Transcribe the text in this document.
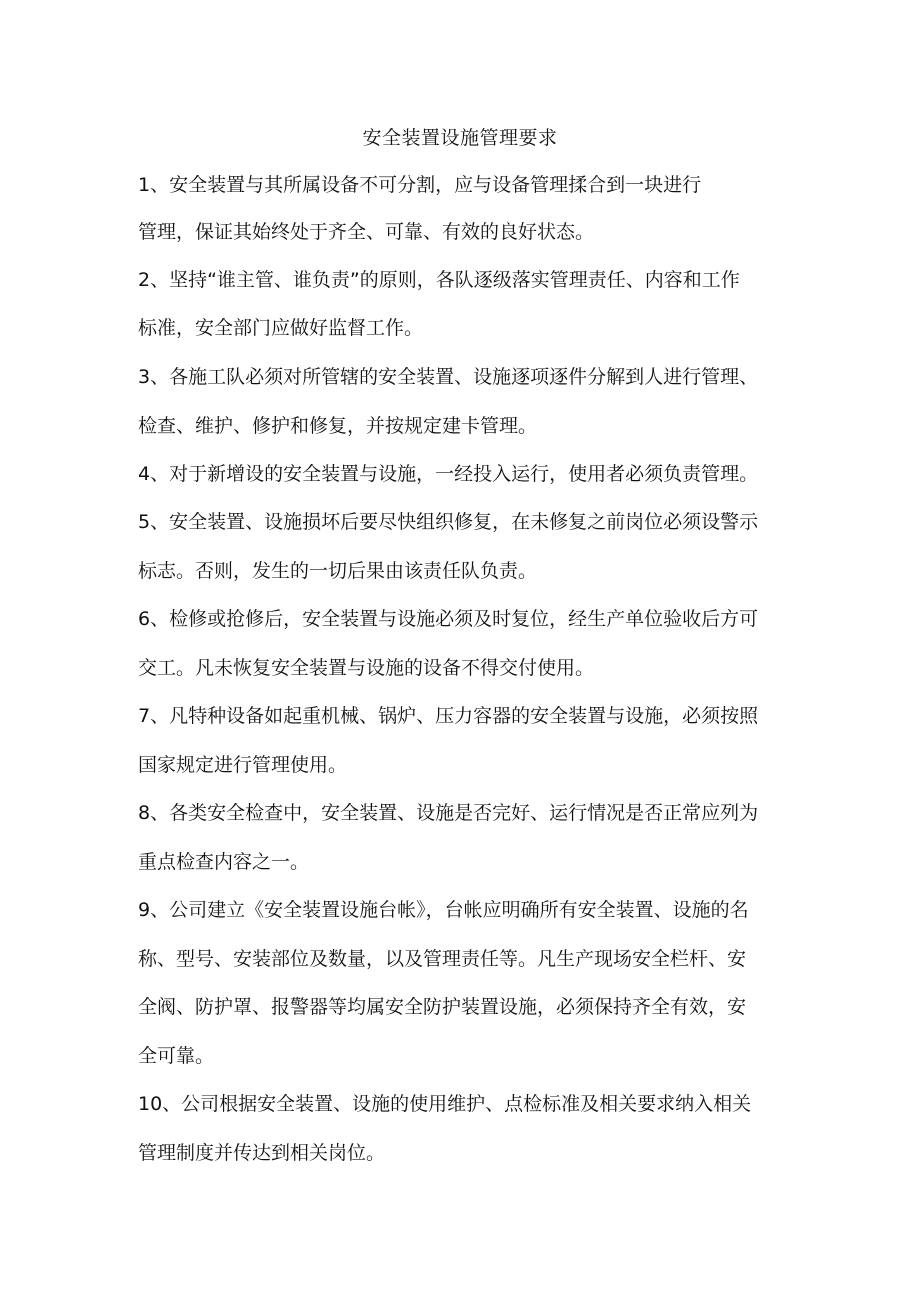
安全装置设施管理要求
1、安全装置与其所属设备不可分割，应与设备管理揉合到一块进行
管理，保证其始终处于齐全、可靠、有效的良好状态。
2、坚持“谁主管、谁负责”的原则，各队逐级落实管理责任、内容和工作
标准，安全部门应做好监督工作。
3、各施工队必须对所管辖的安全装置、设施逐项逐件分解到人进行管理、
检查、维护、修护和修复，并按规定建卡管理。
4、对于新增设的安全装置与设施，一经投入运行，使用者必须负责管理。
5、安全装置、设施损坏后要尽快组织修复，在未修复之前岗位必须设警示
标志。否则，发生的一切后果由该责任队负责。
6、检修或抢修后，安全装置与设施必须及时复位，经生产单位验收后方可
交工。凡未恢复安全装置与设施的设备不得交付使用。
7、凡特种设备如起重机械、锅炉、压力容器的安全装置与设施，必须按照
国家规定进行管理使用。
8、各类安全检查中，安全装置、设施是否完好、运行情况是否正常应列为
重点检查内容之一。
9、公司建立《安全装置设施台帐》，台帐应明确所有安全装置、设施的名
称、型号、安装部位及数量，以及管理责任等。凡生产现场安全栏杆、安
全阀、防护罩、报警器等均属安全防护装置设施，必须保持齐全有效，安
全可靠。
10、公司根据安全装置、设施的使用维护、点检标准及相关要求纳入相关
管理制度并传达到相关岗位。
